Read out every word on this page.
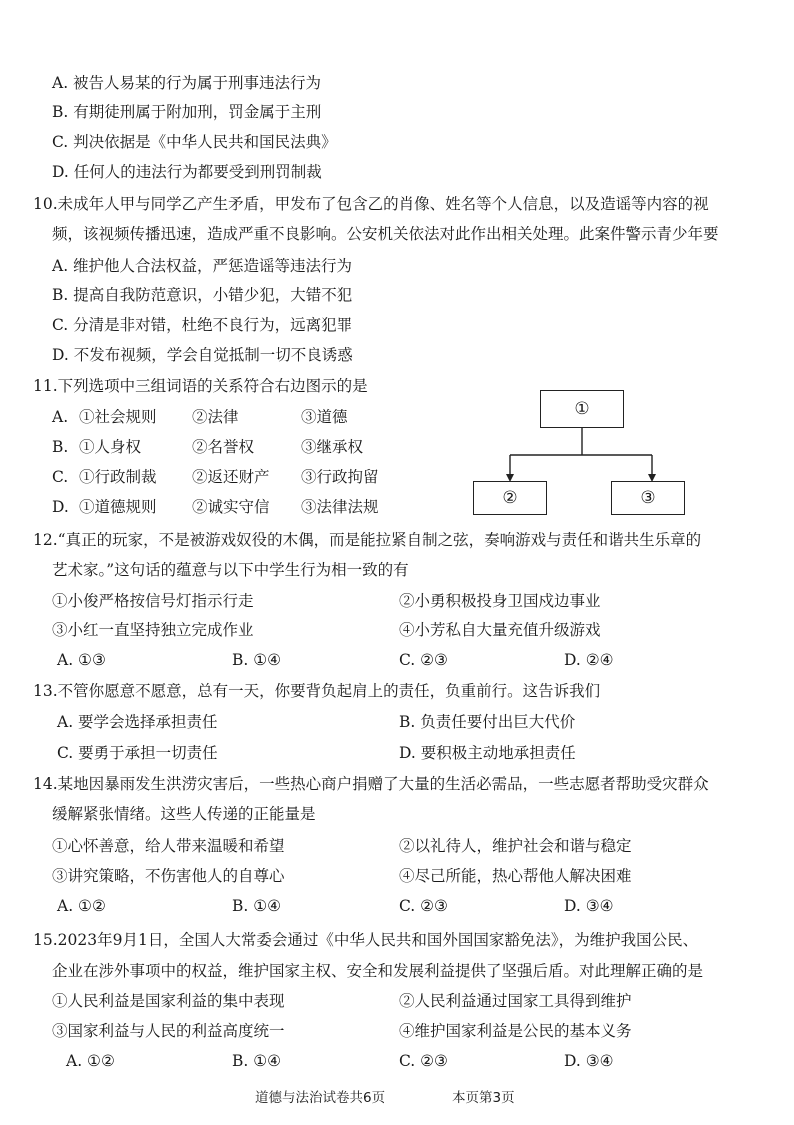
A. 被告人易某的行为属于刑事违法行为
B. 有期徒刑属于附加刑，罚金属于主刑
C. 判决依据是《中华人民共和国民法典》
D. 任何人的违法行为都要受到刑罚制裁
10.未成年人甲与同学乙产生矛盾，甲发布了包含乙的肖像、姓名等个人信息，以及造谣等内容的视
频，该视频传播迅速，造成严重不良影响。公安机关依法对此作出相关处理。此案件警示青少年要
A. 维护他人合法权益，严惩造谣等违法行为
B. 提高自我防范意识，小错少犯，大错不犯
C. 分清是非对错，杜绝不良行为，远离犯罪
D. 不发布视频，学会自觉抵制一切不良诱惑
11.下列选项中三组词语的关系符合右边图示的是
A. ①社会规则 ②法律	③道德
B. ①人身权	②名誉权	③继承权
C. ①行政制裁 ②返还财产 ③行政拘留
D. ①道德规则 ②诚实守信 ③法律法规
①
②	③
12.“真正的玩家，不是被游戏奴役的木偶，而是能拉紧自制之弦，奏响游戏与责任和谐共生乐章的
艺术家。”这句话的蕴意与以下中学生行为相一致的有
①小俊严格按信号灯指示行走	②小勇积极投身卫国戍边事业
③小红一直坚持独立完成作业	④小芳私自大量充值升级游戏
A. ①③	B. ①④	C. ②③	D. ②④
13.不管你愿意不愿意，总有一天，你要背负起肩上的责任，负重前行。这告诉我们
A. 要学会选择承担责任	B. 负责任要付出巨大代价
C. 要勇于承担一切责任	D. 要积极主动地承担责任
14.某地因暴雨发生洪涝灾害后，一些热心商户捐赠了大量的生活必需品，一些志愿者帮助受灾群众
缓解紧张情绪。这些人传递的正能量是
①心怀善意，给人带来温暖和希望	②以礼待人，维护社会和谐与稳定
③讲究策略，不伤害他人的自尊心	④尽己所能，热心帮他人解决困难
A. ①②	B. ①④	C. ②③	D. ③④
15.2023年9月1日，全国人大常委会通过《中华人民共和国外国国家豁免法》，为维护我国公民、
企业在涉外事项中的权益，维护国家主权、安全和发展利益提供了坚强后盾。对此理解正确的是
①人民利益是国家利益的集中表现	②人民利益通过国家工具得到维护
③国家利益与人民的利益高度统一	④维护国家利益是公民的基本义务
A. ①②	B. ①④	C. ②③	D. ③④
道德与法治试卷共6页	本页第3页
